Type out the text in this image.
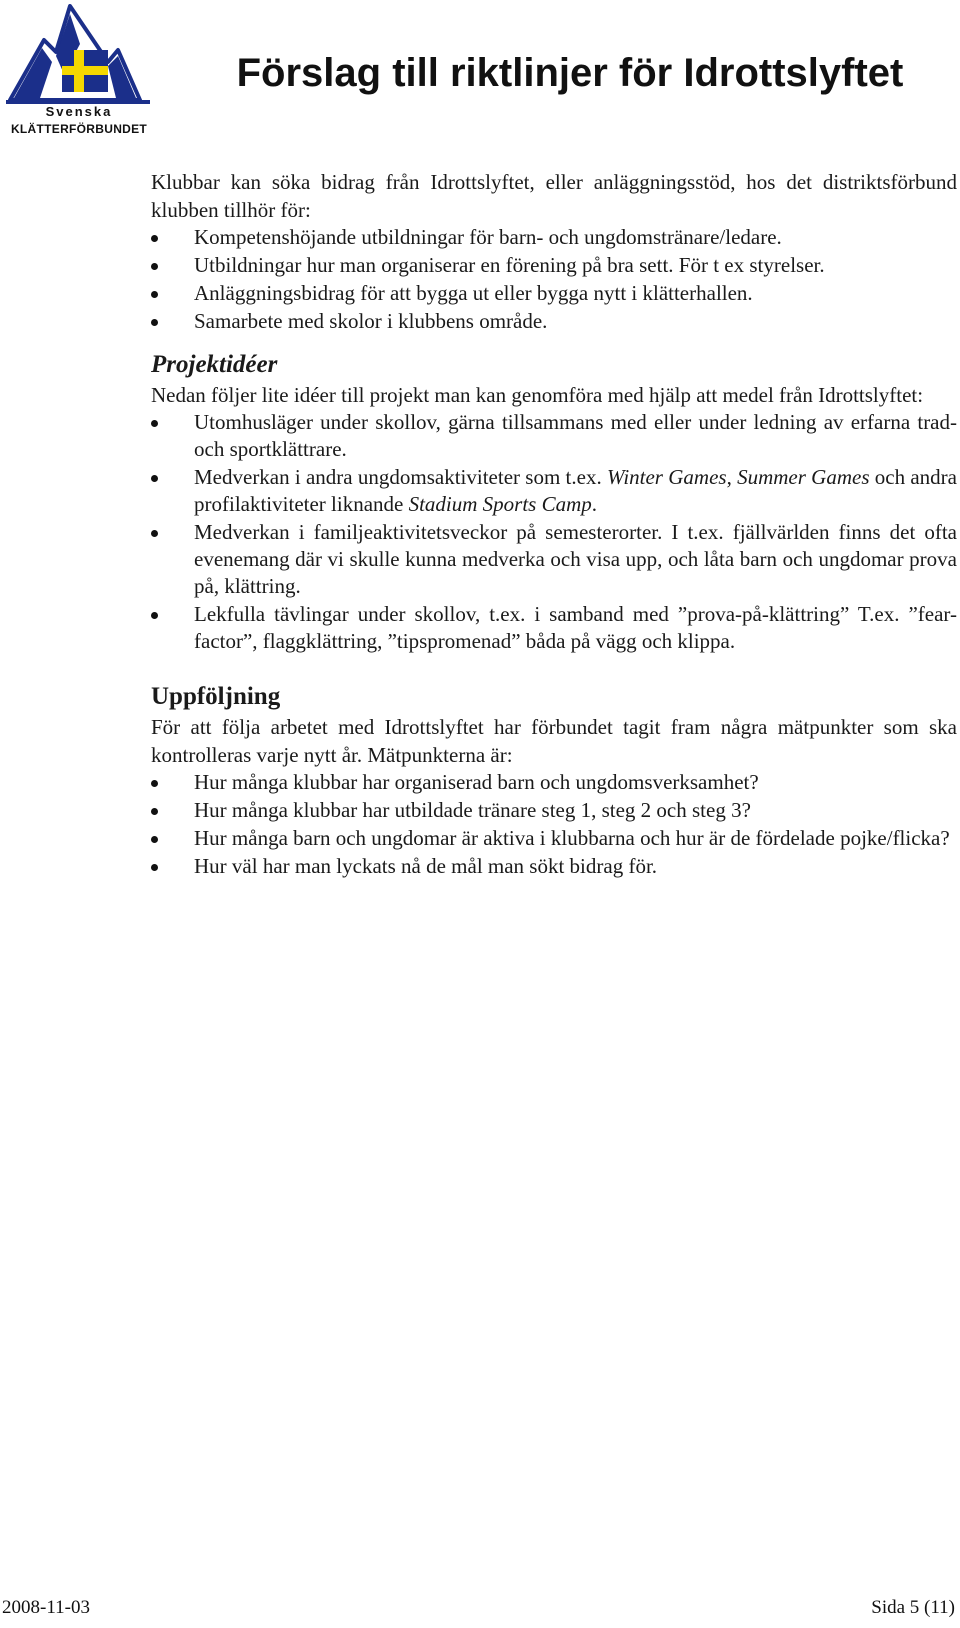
Svenska
KLÄTTERFÖRBUNDET
Förslag till riktlinjer för Idrottslyftet

Klubbar kan söka bidrag från Idrottslyftet, eller anläggningsstöd, hos det distriktsförbund klubben tillhör för:

Kompetenshöjande utbildningar för barn- och ungdomstränare/ledare.
Utbildningar hur man organiserar en förening på bra sett. För t ex styrelser.
Anläggningsbidrag för att bygga ut eller bygga nytt i klätterhallen.
Samarbete med skolor i klubbens område.
Projektidéer

Nedan följer lite idéer till projekt man kan genomföra med hjälp att medel från Idrottslyftet:

Utomhusläger under skollov, gärna tillsammans med eller under ledning av erfarna trad- och sportklättrare.
Medverkan i andra ungdomsaktiviteter som t.ex. Winter Games, Summer Games och andra profilaktiviteter liknande Stadium Sports Camp.
Medverkan i familjeaktivitetsveckor på semesterorter. I t.ex. fjällvärlden finns det ofta evenemang där vi skulle kunna medverka och visa upp, och låta barn och ungdomar prova på, klättring.
Lekfulla tävlingar under skollov, t.ex. i samband med ”prova-på-klättring” T.ex. ”fear-factor”, flaggklättring, ”tipspromenad” båda på vägg och klippa.
Uppföljning

För att följa arbetet med Idrottslyftet har förbundet tagit fram några mätpunkter som ska kontrolleras varje nytt år. Mätpunkterna är:

Hur många klubbar har organiserad barn och ungdomsverksamhet?
Hur många klubbar har utbildade tränare steg 1, steg 2 och steg 3?
Hur många barn och ungdomar är aktiva i klubbarna och hur är de fördelade pojke/flicka?
Hur väl har man lyckats nå de mål man sökt bidrag för.
2008-11-03	Sida 5 (11)
